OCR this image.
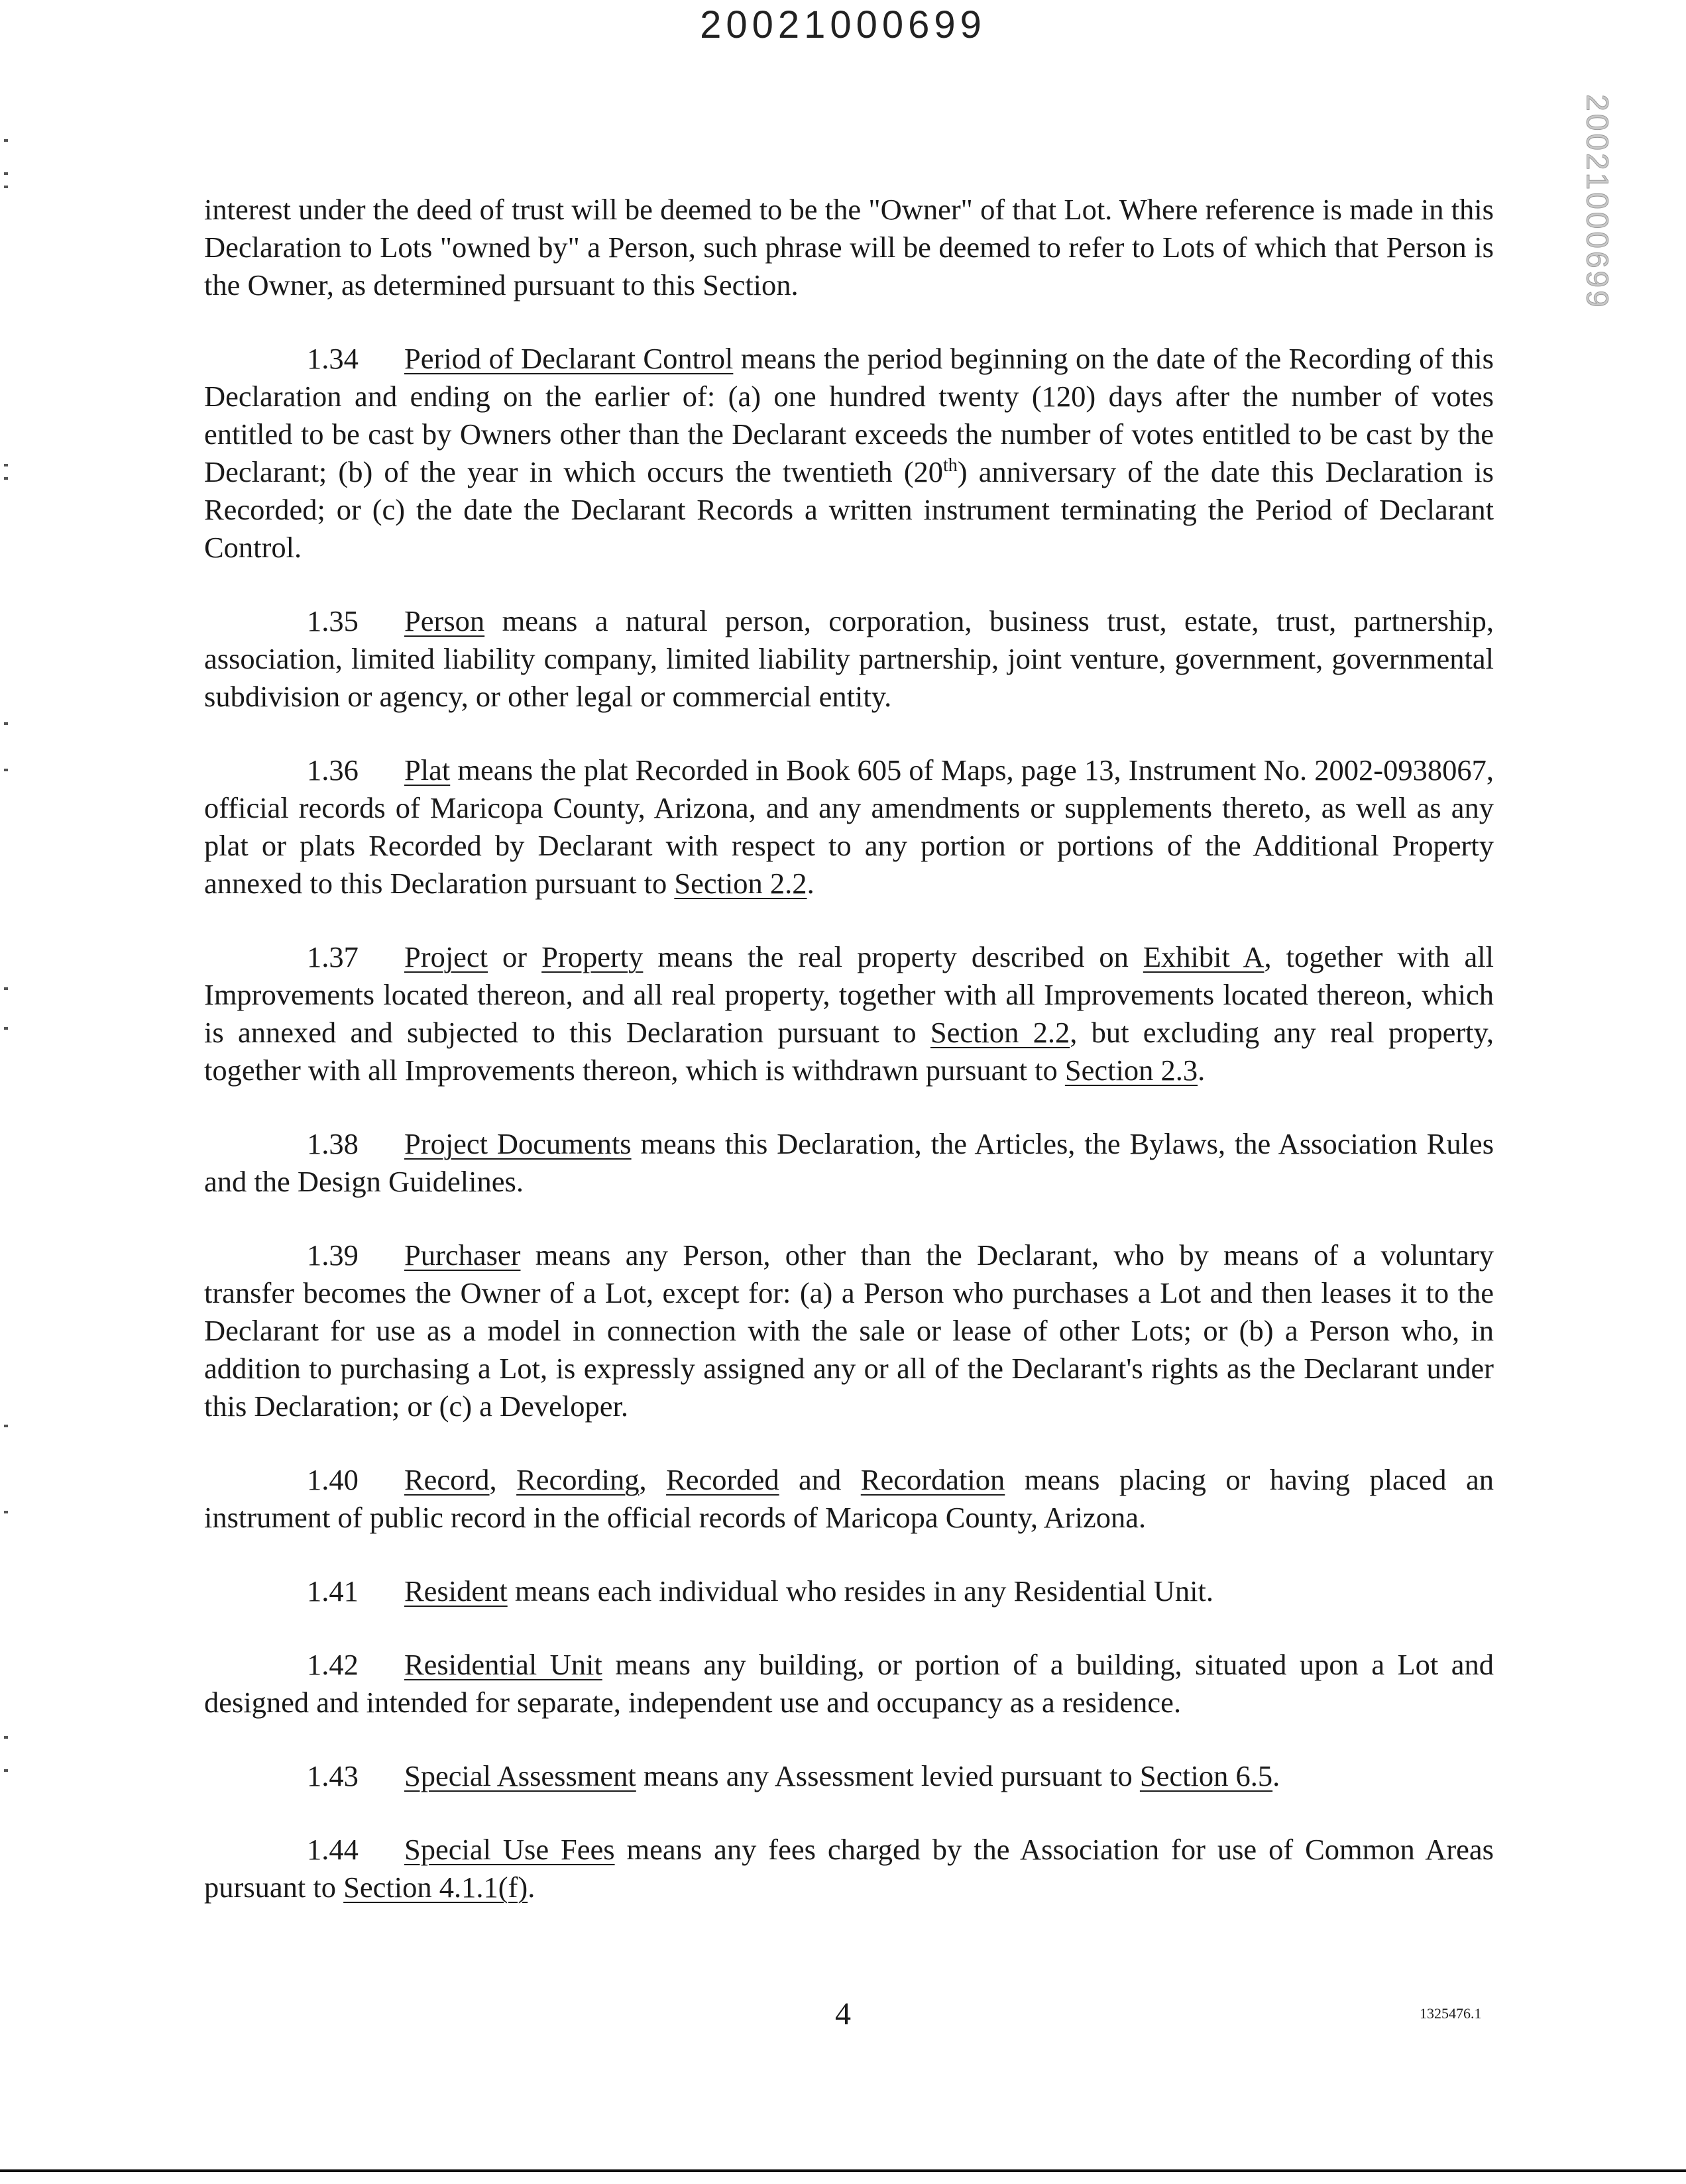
20021000699
20021000699

interest under the deed of trust will be deemed to be the "Owner" of that Lot. Where reference is made in this Declaration to Lots "owned by" a Person, such phrase will be deemed to refer to Lots of which that Person is the Owner, as determined pursuant to this Section.

1.34 Period of Declarant Control means the period beginning on the date of the Recording of this Declaration and ending on the earlier of: (a) one hundred twenty (120) days after the number of votes entitled to be cast by Owners other than the Declarant exceeds the number of votes entitled to be cast by the Declarant; (b) of the year in which occurs the twentieth (20th) anniversary of the date this Declaration is Recorded; or (c) the date the Declarant Records a written instrument terminating the Period of Declarant Control.

1.35 Person means a natural person, corporation, business trust, estate, trust, partnership, association, limited liability company, limited liability partnership, joint venture, government, governmental subdivision or agency, or other legal or commercial entity.

1.36 Plat means the plat Recorded in Book 605 of Maps, page 13, Instrument No. 2002-0938067, official records of Maricopa County, Arizona, and any amendments or supplements thereto, as well as any plat or plats Recorded by Declarant with respect to any portion or portions of the Additional Property annexed to this Declaration pursuant to Section 2.2.

1.37 Project or Property means the real property described on Exhibit A, together with all Improvements located thereon, and all real property, together with all Improvements located thereon, which is annexed and subjected to this Declaration pursuant to Section 2.2, but excluding any real property, together with all Improvements thereon, which is withdrawn pursuant to Section 2.3.

1.38 Project Documents means this Declaration, the Articles, the Bylaws, the Association Rules and the Design Guidelines.

1.39 Purchaser means any Person, other than the Declarant, who by means of a voluntary transfer becomes the Owner of a Lot, except for: (a) a Person who purchases a Lot and then leases it to the Declarant for use as a model in connection with the sale or lease of other Lots; or (b) a Person who, in addition to purchasing a Lot, is expressly assigned any or all of the Declarant's rights as the Declarant under this Declaration; or (c) a Developer.

1.40 Record, Recording, Recorded and Recordation means placing or having placed an instrument of public record in the official records of Maricopa County, Arizona.

1.41 Resident means each individual who resides in any Residential Unit.

1.42 Residential Unit means any building, or portion of a building, situated upon a Lot and designed and intended for separate, independent use and occupancy as a residence.

1.43 Special Assessment means any Assessment levied pursuant to Section 6.5.

1.44 Special Use Fees means any fees charged by the Association for use of Common Areas pursuant to Section 4.1.1(f).

4	1325476.1
